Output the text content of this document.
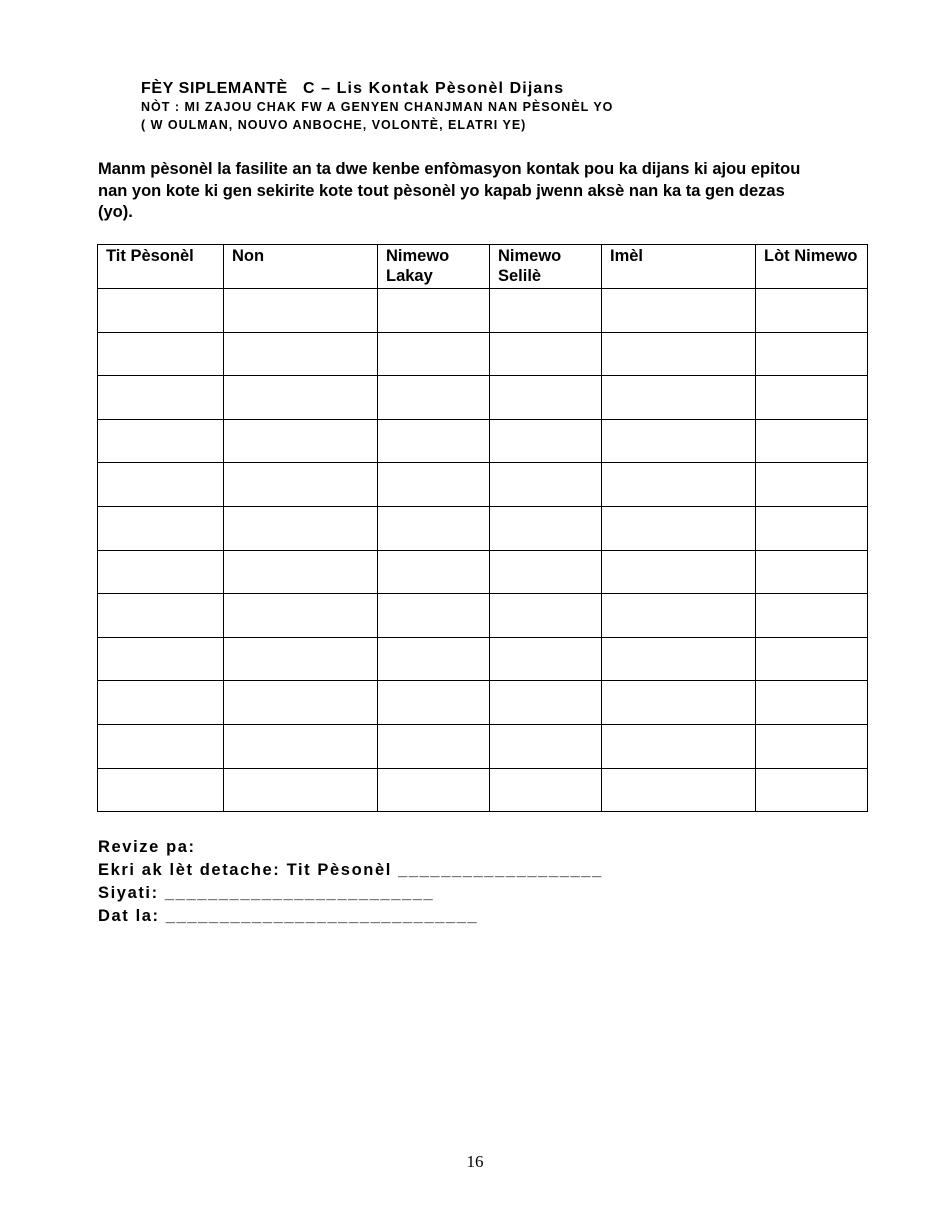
FÈY SIPLEMANTÈ C – Lis Kontak Pèsonèl Dijans
NÒT : MI ZAJOU CHAK FW A GENYEN CHANJMAN NAN PÈSONÈL YO
( W OULMAN, NOUVO ANBOCHE, VOLONTÈ, ELATRI YE)
Manm pèsonèl la fasilite an ta dwe kenbe enfòmasyon kontak pou ka dijans ki ajou epitou nan yon kote ki gen sekirite kote tout pèsonèl yo kapab jwenn aksè nan ka ta gen dezas (yo).
Tit Pèsonèl	Non	Nimewo Lakay	Nimewo Selilè	Imèl	Lòt Nimewo

Revize pa:
Ekri ak lèt detache: Tit Pèsonèl ___________________
Siyati: _________________________
Dat la: _____________________________
16
